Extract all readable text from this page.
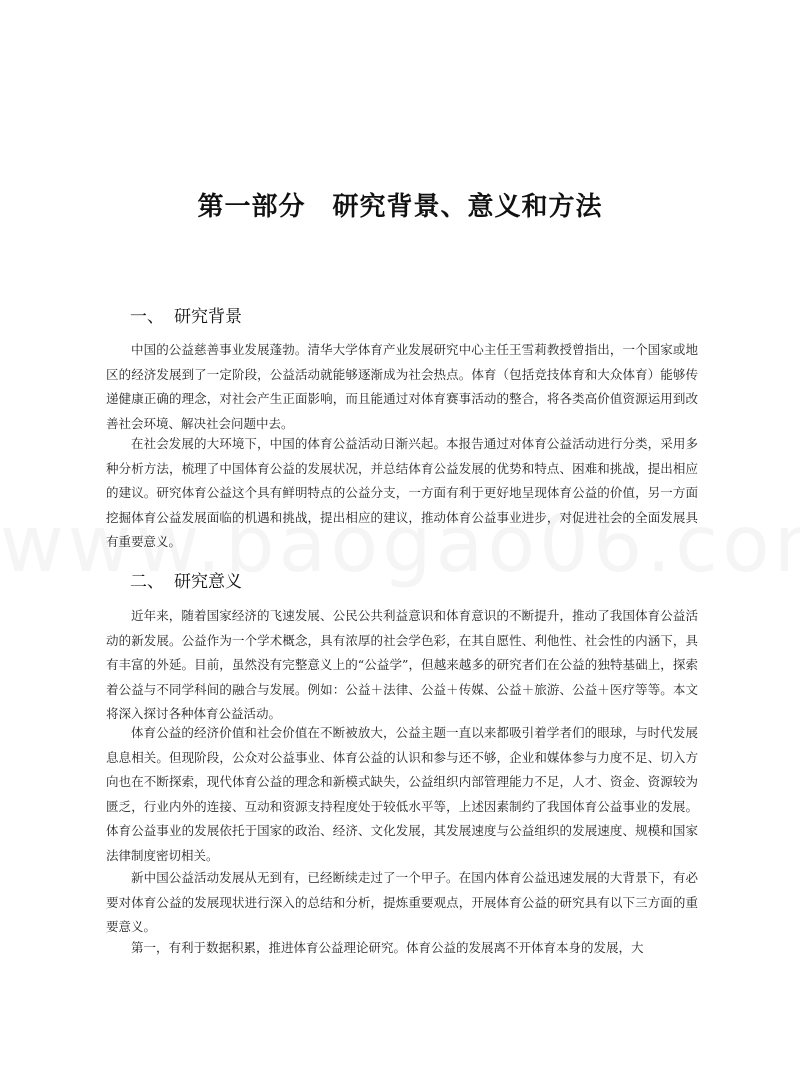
第一部分　研究背景、意义和方法
一、 研究背景

中国的公益慈善事业发展蓬勃。清华大学体育产业发展研究中心主任王雪莉教授曾指出，一个国家或地区的经济发展到了一定阶段，公益活动就能够逐渐成为社会热点。体育（包括竞技体育和大众体育）能够传递健康正确的理念，对社会产生正面影响，而且能通过对体育赛事活动的整合，将各类高价值资源运用到改善社会环境、解决社会问题中去。

在社会发展的大环境下，中国的体育公益活动日渐兴起。本报告通过对体育公益活动进行分类，采用多种分析方法，梳理了中国体育公益的发展状况，并总结体育公益发展的优势和特点、困难和挑战，提出相应的建议。研究体育公益这个具有鲜明特点的公益分支，一方面有利于更好地呈现体育公益的价值，另一方面挖掘体育公益发展面临的机遇和挑战，提出相应的建议，推动体育公益事业进步，对促进社会的全面发展具有重要意义。

二、 研究意义

近年来，随着国家经济的飞速发展、公民公共利益意识和体育意识的不断提升，推动了我国体育公益活动的新发展。公益作为一个学术概念，具有浓厚的社会学色彩，在其自愿性、利他性、社会性的内涵下，具有丰富的外延。目前，虽然没有完整意义上的“公益学”，但越来越多的研究者们在公益的独特基础上，探索着公益与不同学科间的融合与发展。例如：公益＋法律、公益＋传媒、公益＋旅游、公益＋医疗等等。本文将深入探讨各种体育公益活动。

体育公益的经济价值和社会价值在不断被放大，公益主题一直以来都吸引着学者们的眼球，与时代发展息息相关。但现阶段，公众对公益事业、体育公益的认识和参与还不够，企业和媒体参与力度不足、切入方向也在不断探索，现代体育公益的理念和新模式缺失，公益组织内部管理能力不足，人才、资金、资源较为匮乏，行业内外的连接、互动和资源支持程度处于较低水平等，上述因素制约了我国体育公益事业的发展。体育公益事业的发展依托于国家的政治、经济、文化发展，其发展速度与公益组织的发展速度、规模和国家法律制度密切相关。

新中国公益活动发展从无到有，已经断续走过了一个甲子。在国内体育公益迅速发展的大背景下，有必要对体育公益的发展现状进行深入的总结和分析，提炼重要观点，开展体育公益的研究具有以下三方面的重要意义。

第一，有利于数据积累，推进体育公益理论研究。体育公益的发展离不开体育本身的发展，大
